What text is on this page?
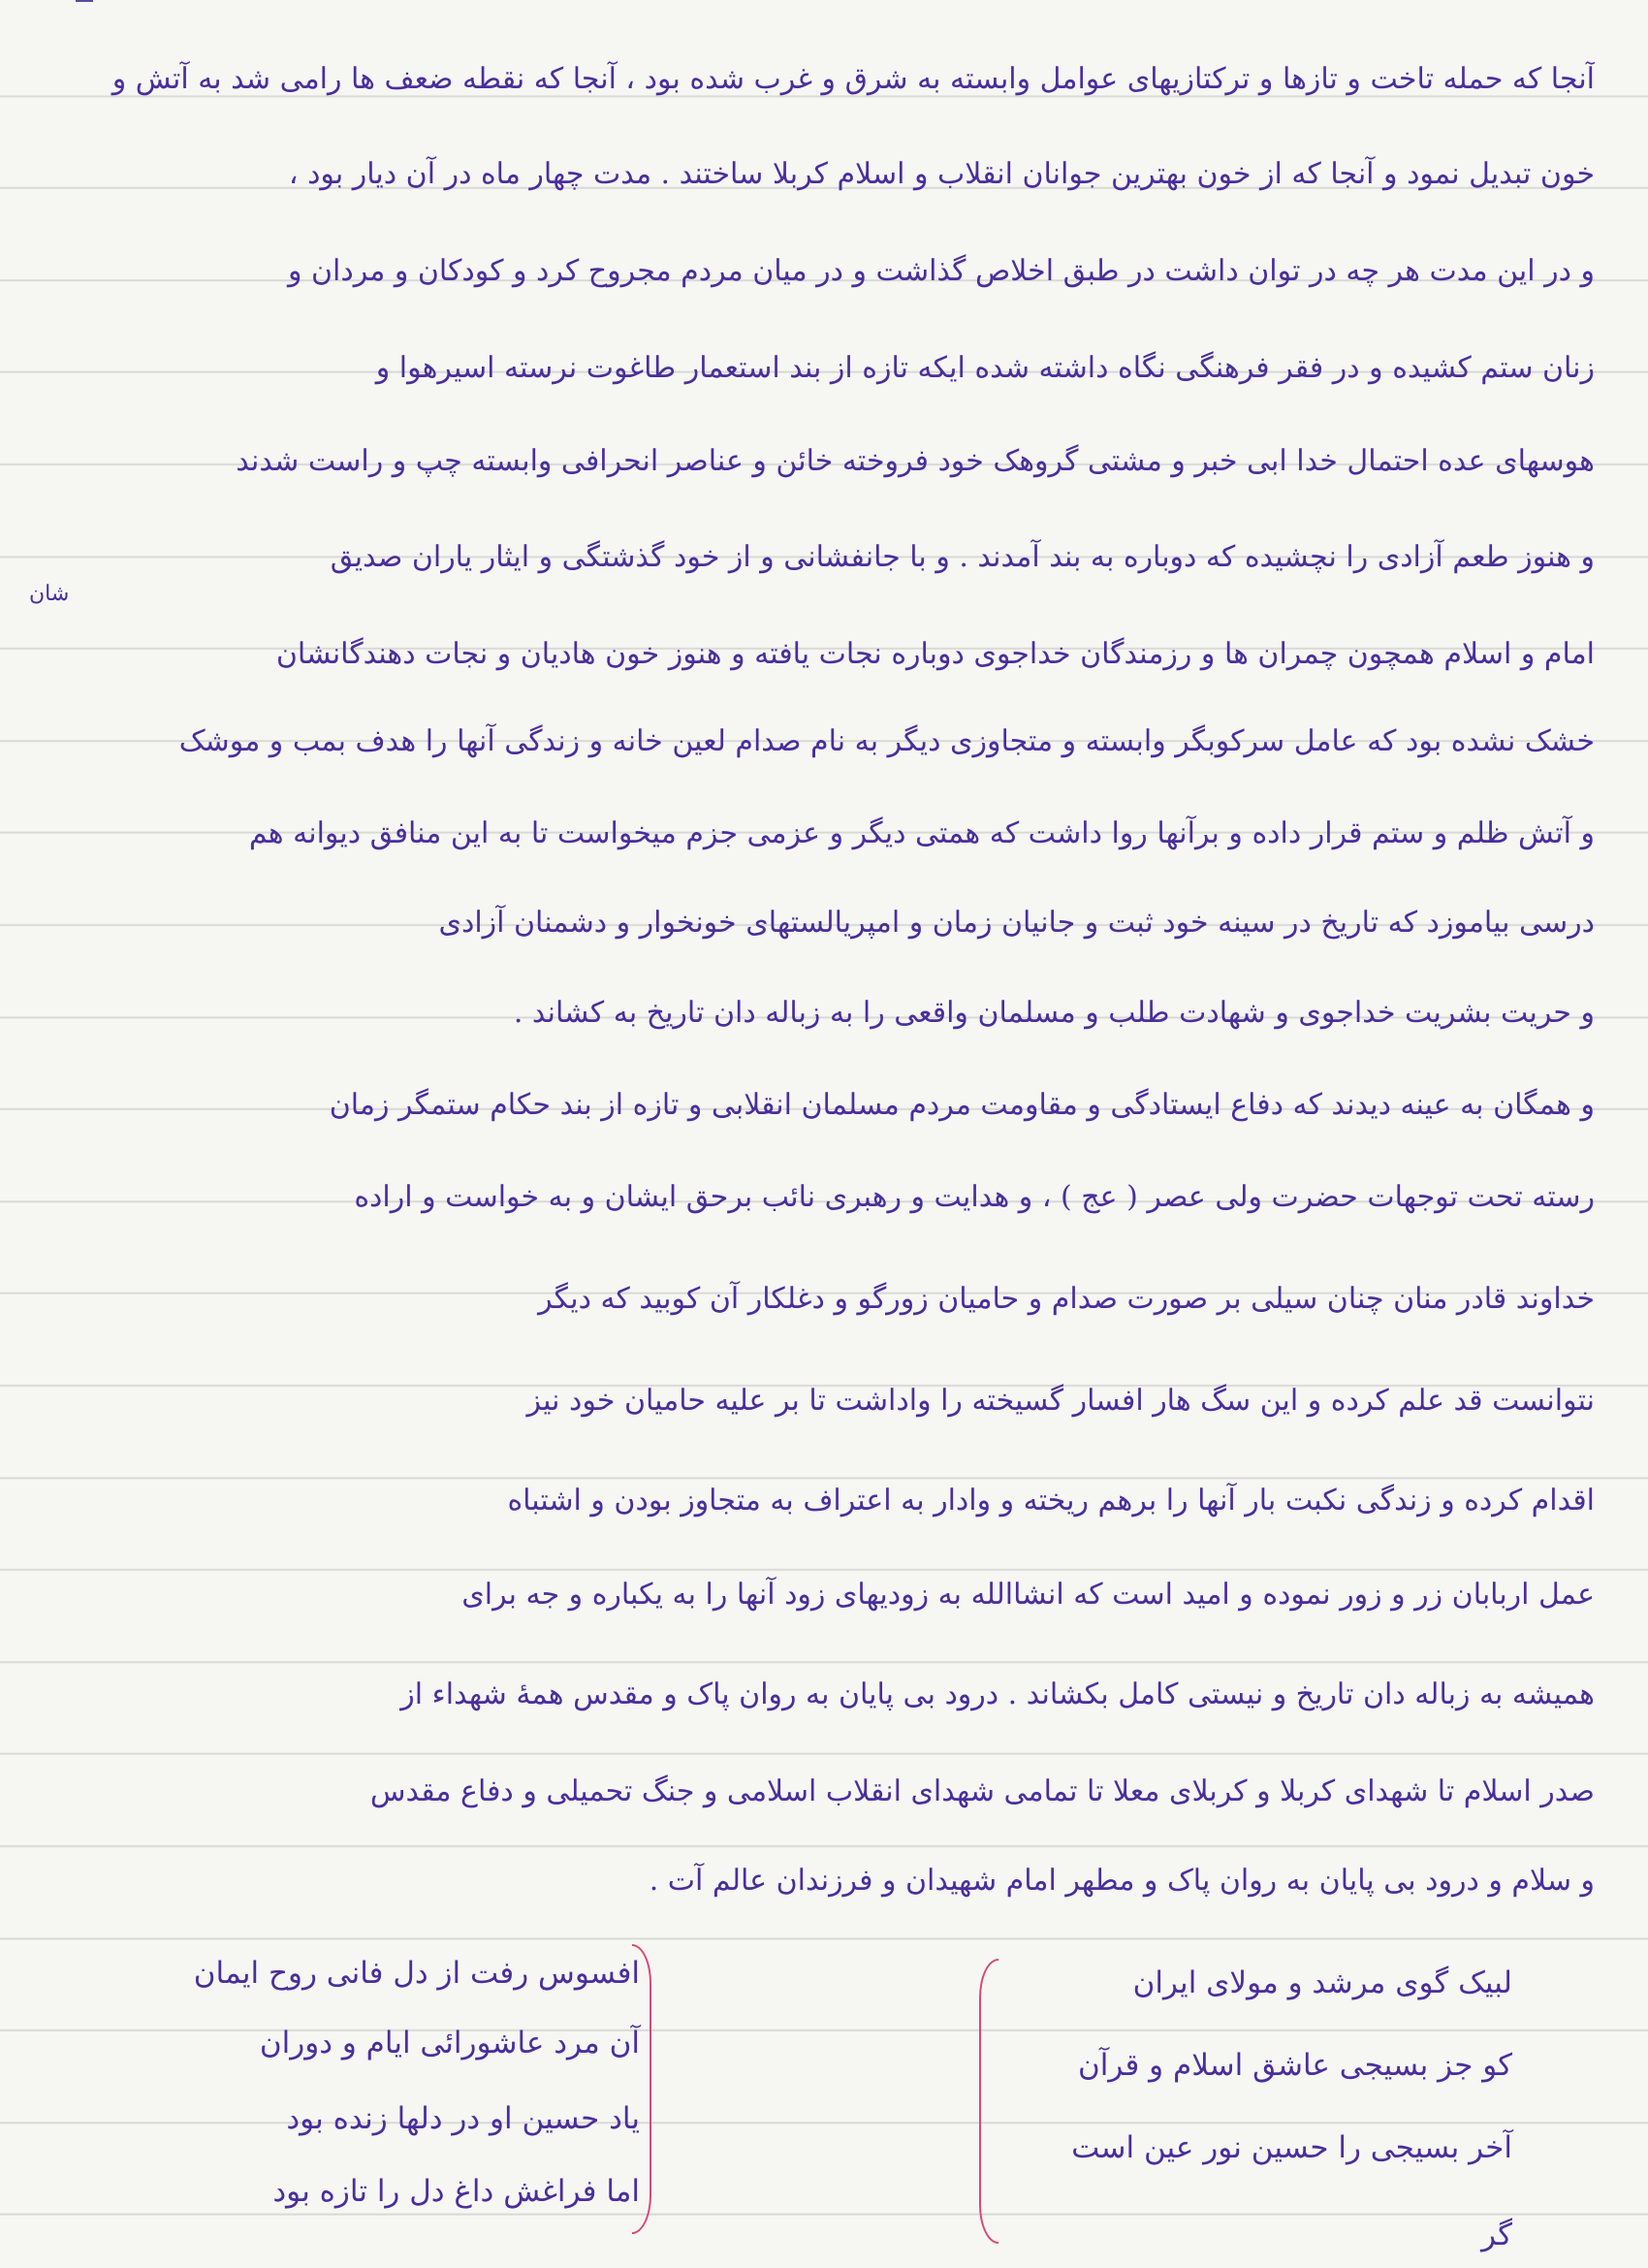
آنجا که حمله تاخت و تازها و ترکتازیهای عوامل وابسته به شرق و غرب شده بود ، آنجا که نقطه ضعف ها رامی شد به آتش و
خون تبدیل نمود و آنجا که از خون بهترین جوانان انقلاب و اسلام کربلا ساختند . مدت چهار ماه در آن دیار بود ،
و در این مدت هر چه در توان داشت در طبق اخلاص گذاشت و در میان مردم مجروح کرد و کودکان و مردان و
زنان ستم کشیده و در فقر فرهنگی نگاه داشته شده ایکه تازه از بند استعمار طاغوت نرسته اسیرهوا و
هوسهای عده احتمال خدا ابی خبر و مشتی گروهک خود فروخته خائن و عناصر انحرافی وابسته چپ و راست شدند
و هنوز طعم آزادی را نچشیده که دوباره به بند آمدند . و با جانفشانی و از خود گذشتگی و ایثار یاران صدیق
امام و اسلام همچون چمران ها و رزمندگان خداجوی دوباره نجات یافته و هنوز خون هادیان و نجات دهندگانشان
خشک نشده بود که عامل سرکوبگر وابسته و متجاوزی دیگر به نام صدام لعین خانه و زندگی آنها را هدف بمب و موشک
و آتش ظلم و ستم قرار داده و برآنها روا داشت که همتی دیگر و عزمی جزم میخواست تا به این منافق دیوانه هم
درسی بیاموزد که تاریخ در سینه خود ثبت و جانیان زمان و امپریالستهای خونخوار و دشمنان آزادی
و حریت بشریت خداجوی و شهادت طلب و مسلمان واقعی را به زباله دان تاریخ به کشاند .
و همگان به عینه دیدند که دفاع ایستادگی و مقاومت مردم مسلمان انقلابی و تازه از بند حکام ستمگر زمان
رسته تحت توجهات حضرت ولی عصر ( عج ) ، و هدایت و رهبری نائب برحق ایشان و به خواست و اراده
خداوند قادر منان چنان سیلی بر صورت صدام و حامیان زورگو و دغلکار آن کوبید که دیگر
نتوانست قد علم کرده و این سگ هار افسار گسیخته را واداشت تا بر علیه حامیان خود نیز
اقدام کرده و زندگی نکبت بار آنها را برهم ریخته و وادار به اعتراف به متجاوز بودن و اشتباه
عمل اربابان زر و زور نموده و امید است که انشاالله به زودیهای زود آنها را به یکباره و جه برای
همیشه به زباله دان تاریخ و نیستی کامل بکشاند . درود بی پایان به روان پاک و مقدس همهٔ شهداء از
صدر اسلام تا شهدای کربلا و کربلای معلا تا تمامی شهدای انقلاب اسلامی و جنگ تحمیلی و دفاع مقدس
و سلام و درود بی پایان به روان پاک و مطهر امام شهیدان و فرزندان عالم آت .
شان
افسوس رفت از دل فانی روح ایمان
آن مرد عاشورائی ایام و دوران
یاد حسین او در دلها زنده بود
اما فراغش داغ دل را تازه بود
لبیک گوی مرشد و مولای ایران
کو جز بسیجی عاشق اسلام و قرآن
آخر بسیجی را حسین نور عین است
گر
